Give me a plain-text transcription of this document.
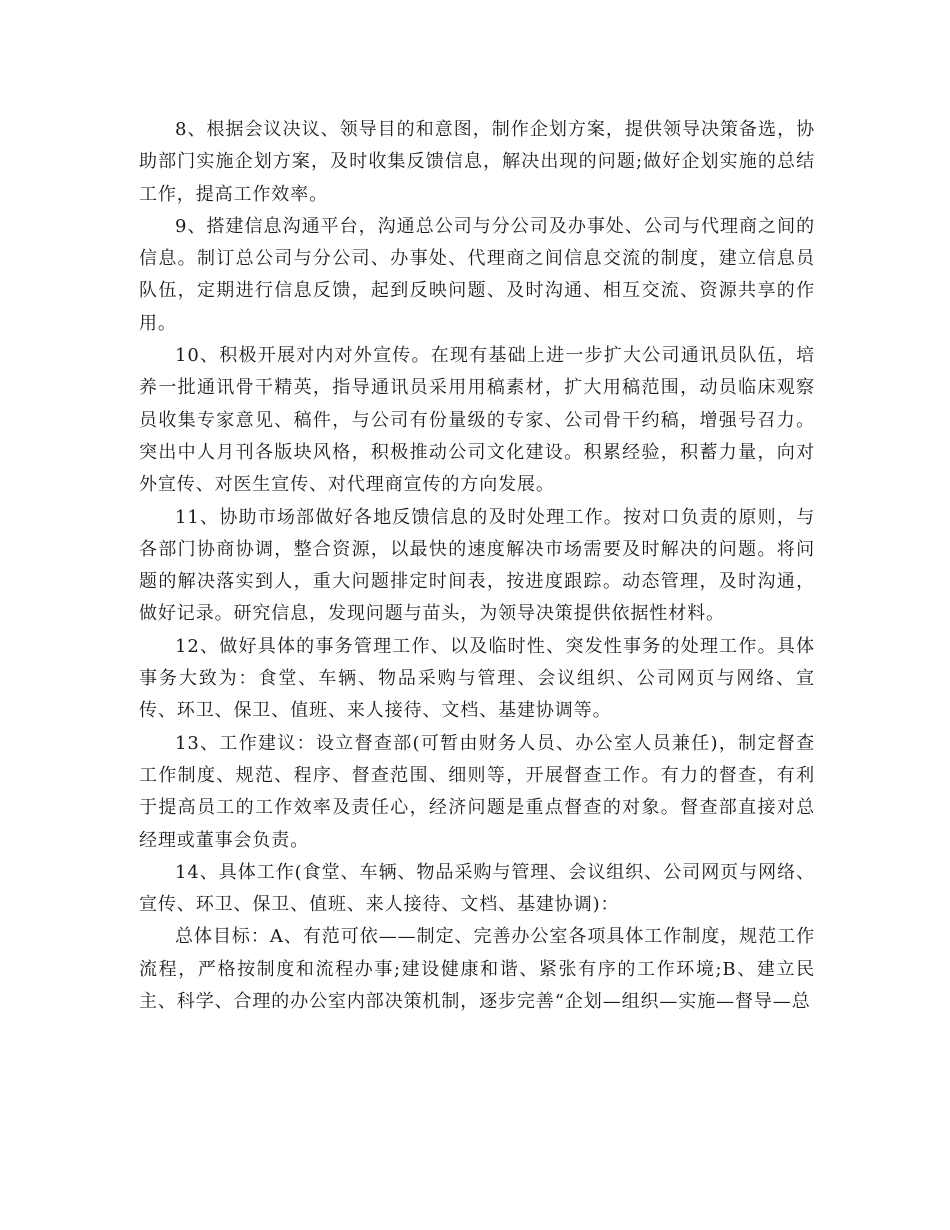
8、根据会议决议、领导目的和意图，制作企划方案，提供领导决策备选，协助部门实施企划方案，及时收集反馈信息，解决出现的问题;做好企划实施的总结工作，提高工作效率。

9、搭建信息沟通平台，沟通总公司与分公司及办事处、公司与代理商之间的信息。制订总公司与分公司、办事处、代理商之间信息交流的制度，建立信息员队伍，定期进行信息反馈，起到反映问题、及时沟通、相互交流、资源共享的作用。

10、积极开展对内对外宣传。在现有基础上进一步扩大公司通讯员队伍，培养一批通讯骨干精英，指导通讯员采用用稿素材，扩大用稿范围，动员临床观察员收集专家意见、稿件，与公司有份量级的专家、公司骨干约稿，增强号召力。突出中人月刊各版块风格，积极推动公司文化建设。积累经验，积蓄力量，向对外宣传、对医生宣传、对代理商宣传的方向发展。

11、协助市场部做好各地反馈信息的及时处理工作。按对口负责的原则，与各部门协商协调，整合资源，以最快的速度解决市场需要及时解决的问题。将问题的解决落实到人，重大问题排定时间表，按进度跟踪。动态管理，及时沟通，做好记录。研究信息，发现问题与苗头，为领导决策提供依据性材料。

12、做好具体的事务管理工作、以及临时性、突发性事务的处理工作。具体事务大致为：食堂、车辆、物品采购与管理、会议组织、公司网页与网络、宣传、环卫、保卫、值班、来人接待、文档、基建协调等。

13、工作建议：设立督查部(可暂由财务人员、办公室人员兼任)，制定督查工作制度、规范、程序、督查范围、细则等，开展督查工作。有力的督查，有利于提高员工的工作效率及责任心，经济问题是重点督查的对象。督查部直接对总经理或董事会负责。

14、具体工作(食堂、车辆、物品采购与管理、会议组织、公司网页与网络、宣传、环卫、保卫、值班、来人接待、文档、基建协调)：

总体目标：A、有范可依——制定、完善办公室各项具体工作制度，规范工作流程，严格按制度和流程办事;建设健康和谐、紧张有序的工作环境;B、建立民主、科学、合理的办公室内部决策机制，逐步完善“企划—组织—实施—督导—总
